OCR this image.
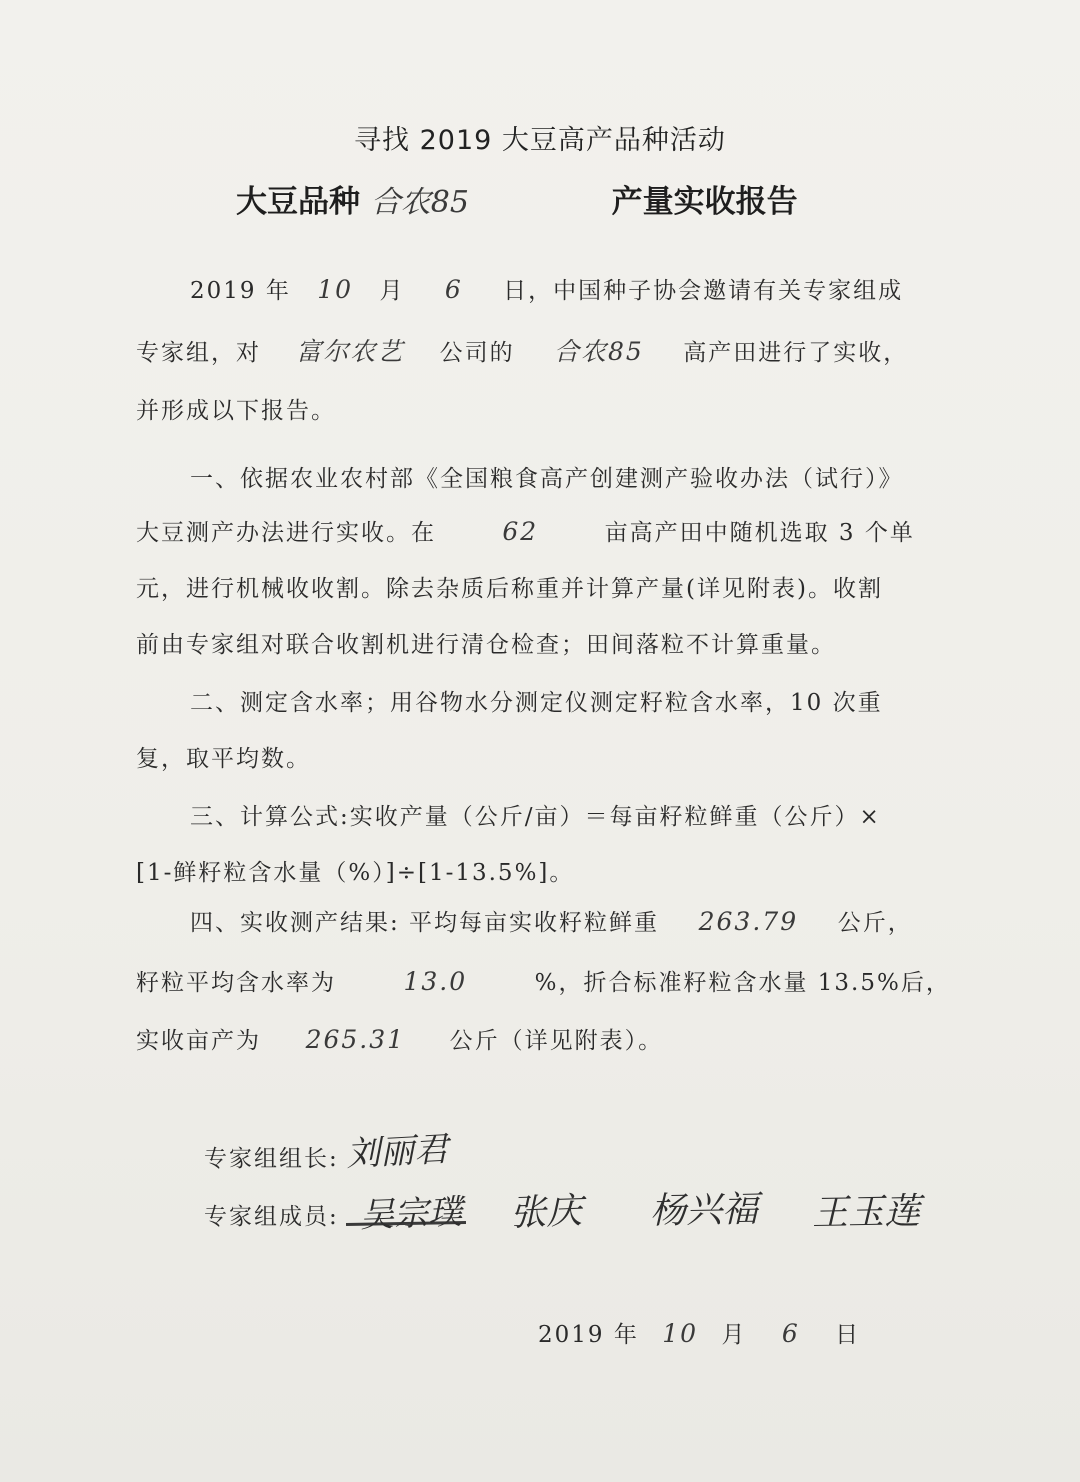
寻找 2019 大豆高产品种活动
大豆品种 合农85	产量实收报告
2019 年 10 月 6 日，中国种子协会邀请有关专家组成
专家组，对 富尔农艺 公司的 合农85 高产田进行了实收，
并形成以下报告。
一、依据农业农村部《全国粮食高产创建测产验收办法（试行）》
大豆测产办法进行实收。在	62	亩高产田中随机选取 3 个单
元，进行机械收收割。除去杂质后称重并计算产量(详见附表)。收割
前由专家组对联合收割机进行清仓检查；田间落粒不计算重量。
二、测定含水率；用谷物水分测定仪测定籽粒含水率，10 次重
复，取平均数。
三、计算公式:实收产量（公斤/亩）＝每亩籽粒鲜重（公斤）×
[1-鲜籽粒含水量（%）]÷[1-13.5%]。
四、实收测产结果: 平均每亩实收籽粒鲜重 263.79 公斤，
籽粒平均含水率为	13.0	%，折合标准籽粒含水量 13.5%后，
实收亩产为 265.31 公斤（详见附表）。
专家组组长: 刘丽君
专家组成员: 吴宗璞 张庆 杨兴福 王玉莲
2019 年 10 月 6 日
